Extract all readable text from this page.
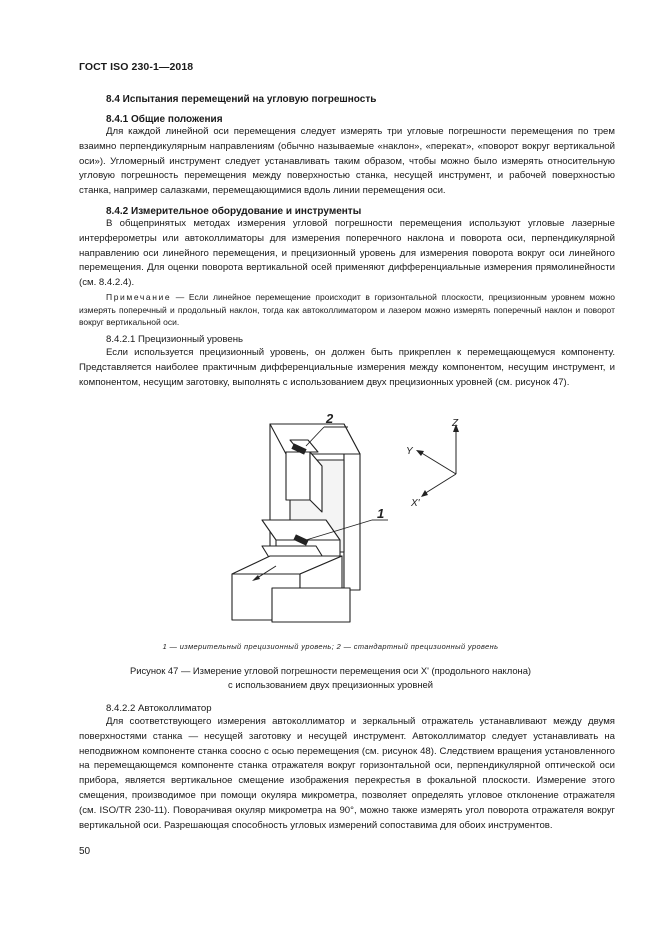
ГОСТ ISO 230-1—2018
8.4 Испытания перемещений на угловую погрешность
8.4.1 Общие положения
Для каждой линейной оси перемещения следует измерять три угловые погрешности перемещения по трем взаимно перпендикулярным направлениям (обычно называемые «наклон», «перекат», «поворот вокруг вертикальной оси»). Угломерный инструмент следует устанавливать таким образом, чтобы можно было измерять относительную угловую погрешность перемещения между поверхностью станка, несущей инструмент, и рабочей поверхностью станка, например салазками, перемещающимися вдоль линии перемещения оси.
8.4.2 Измерительное оборудование и инструменты
В общепринятых методах измерения угловой погрешности перемещения используют угловые лазерные интерферометры или автоколлиматоры для измерения поперечного наклона и поворота оси, перпендикулярной направлению оси линейного перемещения, и прецизионный уровень для измерения поворота вокруг оси линейного перемещения. Для оценки поворота вертикальной осей применяют дифференциальные измерения прямолинейности (см. 8.4.2.4).
Примечание — Если линейное перемещение происходит в горизонтальной плоскости, прецизионным уровнем можно измерять поперечный и продольный наклон, тогда как автоколлиматором и лазером можно измерять поперечный наклон и поворот вокруг вертикальной оси.
8.4.2.1 Прецизионный уровень
Если используется прецизионный уровень, он должен быть прикреплен к перемещающемуся компоненту. Представляется наиболее практичным дифференциальные измерения между компонентом, несущим инструмент, и компонентом, несущим заготовку, выполнять с использованием двух прецизионных уровней (см. рисунок 47).
2
1
Z
Y
X'
1 — измерительный прецизионный уровень; 2 — стандартный прецизионный уровень
Рисунок 47 — Измерение угловой погрешности перемещения оси X' (продольного наклона)
с использованием двух прецизионных уровней
8.4.2.2 Автоколлиматор
Для соответствующего измерения автоколлиматор и зеркальный отражатель устанавливают между двумя поверхностями станка — несущей заготовку и несущей инструмент. Автоколлиматор следует устанавливать на неподвижном компоненте станка соосно с осью перемещения (см. рисунок 48). Следствием вращения установленного на перемещающемся компоненте станка отражателя вокруг горизонтальной оси, перпендикулярной оптической оси прибора, является вертикальное смещение изображения перекрестья в фокальной плоскости. Измерение этого смещения, производимое при помощи окуляра микрометра, позволяет определять угловое отклонение отражателя (см. ISO/TR 230-11). Поворачивая окуляр микрометра на 90°, можно также измерять угол поворота отражателя вокруг вертикальной оси. Разрешающая способность угловых измерений сопоставима для обоих инструментов.
50
